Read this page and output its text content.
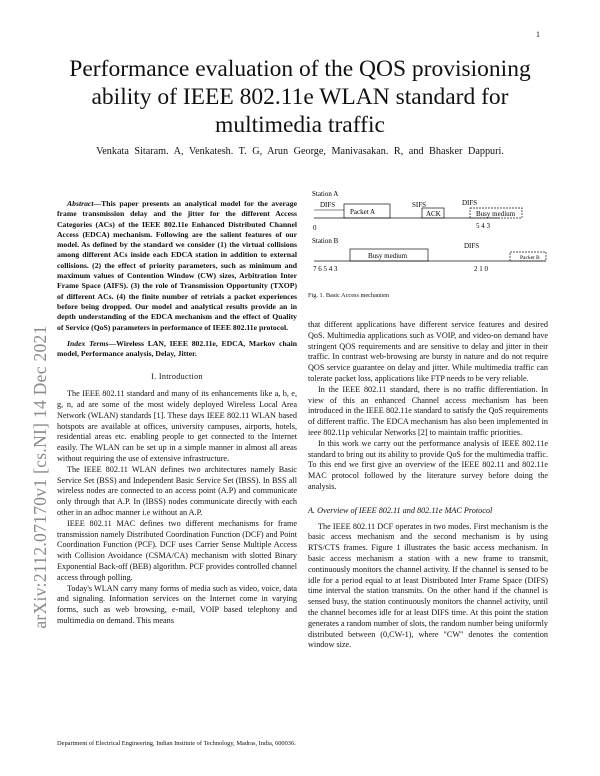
1
arXiv:2112.07170v1 [cs.NI] 14 Dec 2021
Performance evaluation of the QOS provisioning ability of IEEE 802.11e WLAN standard for multimedia traffic
Venkata Sitaram. A, Venkatesh. T. G, Arun George, Manivasakan. R, and Bhasker Dappuri.

Abstract—This paper presents an analytical model for the average frame transmission delay and the jitter for the different Access Categories (ACs) of the IEEE 802.11e Enhanced Distributed Channel Access (EDCA) mechanism. Following are the salient features of our model. As defined by the standard we consider (1) the virtual collisions among different ACs inside each EDCA station in addition to external collisions. (2) the effect of priority parameters, such as minimum and maximum values of Contention Window (CW) sizes, Arbitration Inter Frame Space (AIFS). (3) the role of Transmission Opportunity (TXOP) of different ACs. (4) the finite number of retrials a packet experiences before being dropped. Our model and analytical results provide an in depth understanding of the EDCA mechanism and the effect of Quality of Service (QoS) parameters in performance of IEEE 802.11e protocol.

Index Terms—Wireless LAN, IEEE 802.11e, EDCA, Markov chain model, Performance analysis, Delay, Jitter.

I. Introduction

The IEEE 802.11 standard and many of its enhancements like a, b, e, g, n, ad are some of the most widely deployed Wireless Local Area Network (WLAN) standards [1]. These days IEEE 802.11 WLAN based hotspots are available at offices, university campuses, airports, hotels, residential areas etc. enabling people to get connected to the Internet easily. The WLAN can be set up in a simple manner in almost all areas without requiring the use of extensive infrastructure.

The IEEE 802.11 WLAN defines two architectures namely Basic Service Set (BSS) and Independent Basic Service Set (IBSS). In BSS all wireless nodes are connected to an access point (A.P) and communicate only through that A.P. In (IBSS) nodes communicate directly with each other in an adhoc manner i.e without an A.P.

IEEE 802.11 MAC defines two different mechanisms for frame transmission namely Distributed Coordination Function (DCF) and Point Coordination Function (PCF). DCF uses Carrier Sense Multiple Access with Collision Avoidance (CSMA/CA) mechanism with slotted Binary Exponential Back-off (BEB) algorithm. PCF provides controlled channel access through polling.

Today's WLAN carry many forms of media such as video, voice, data and signaling. Information services on the Internet come in varying forms, such as web browsing, e-mail, VOIP based telephony and multimedia on demand. This means

Department of Electrical Engineering, Indian Institute of Technology, Madras, India, 600036.
Station A
DIFS
Packet A
0
SIFS
ACK
DIFS
Busy medium
5 4 3
Station B
Busy medium
DIFS
Packet B
7 6 5 4 3	2 1 0
Fig. 1. Basic Access mechanism

that different applications have different service features and desired QoS. Multimedia applications such as VOIP, and video-on demand have stringent QOS requirements and are sensitive to delay and jitter in their traffic. In contrast web-browsing are bursty in nature and do not require QOS service guarantee on delay and jitter. While multimedia traffic can tolerate packet loss, applications like FTP needs to be very reliable.

In the IEEE 802.11 standard, there is no traffic differentiation. In view of this an enhanced Channel access mechanism has been introduced in the IEEE 802.11e standard to satisfy the QoS requirements of different traffic. The EDCA mechanism has also been implemented in ieee 802.11p vehicular Networks [2] to maintain traffic priorities.

In this work we carry out the performance analysis of IEEE 802.11e standard to bring out its ability to provide QoS for the multimedia traffic. To this end we first give an overview of the IEEE 802.11 and 802.11e MAC protocol followed by the literature survey before doing the analysis.

A. Overview of IEEE 802.11 and 802.11e MAC Protocol

The IEEE 802.11 DCF operates in two modes. First mechanism is the basic access mechanism and the second mechanism is by using RTS/CTS frames. Figure 1 illustrates the basic access mechanism. In basic access mechanism a station with a new frame to transmit, continuously monitors the channel activity. If the channel is sensed to be idle for a period equal to at least Distributed Inter Frame Space (DIFS) time interval the station transmits. On the other hand if the channel is sensed busy, the station continuously monitors the channel activity, until the channel becomes idle for at least DIFS time. At this point the station generates a random number of slots, the random number being uniformly distributed between (0,CW-1), where "CW" denotes the contention window size.
